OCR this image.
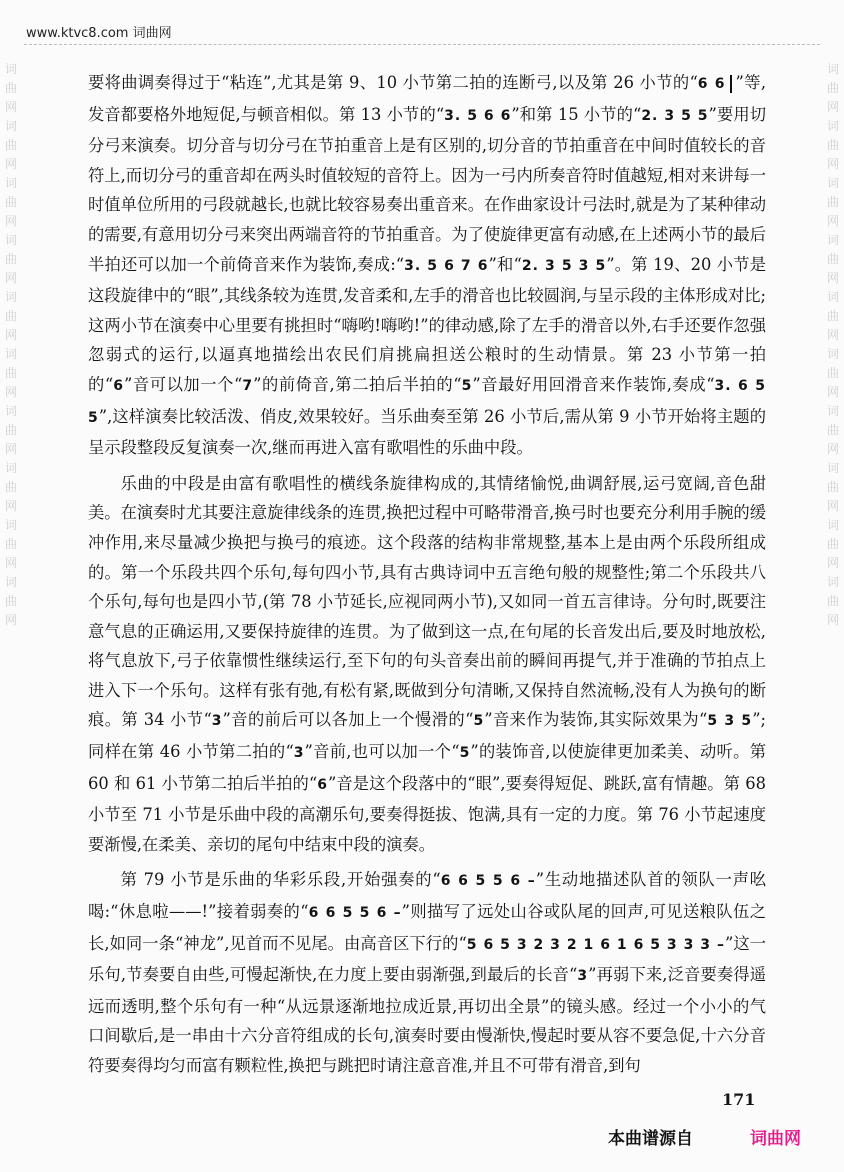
www.ktvc8.com 词曲网
词曲网词曲网词曲网词曲网词曲网词曲网词曲网词曲网词曲网词曲网
词曲网词曲网词曲网词曲网词曲网词曲网词曲网词曲网词曲网词曲网

要将曲调奏得过于“粘连”,尤其是第 9、10 小节第二拍的连断弓,以及第 26 小节的“6 6 ”等,发音都要格外地短促,与顿音相似。第 13 小节的“3. 5 6 6”和第 15 小节的“2. 3 5 5”要用切分弓来演奏。切分音与切分弓在节拍重音上是有区别的,切分音的节拍重音在中间时值较长的音符上,而切分弓的重音却在两头时值较短的音符上。因为一弓内所奏音符时值越短,相对来讲每一时值单位所用的弓段就越长,也就比较容易奏出重音来。在作曲家设计弓法时,就是为了某种律动的需要,有意用切分弓来突出两端音符的节拍重音。为了使旋律更富有动感,在上述两小节的最后半拍还可以加一个前倚音来作为装饰,奏成:“3. 5 6 7 6”和“2. 3 5 3 5”。第 19、20 小节是这段旋律中的“眼”,其线条较为连贯,发音柔和,左手的滑音也比较圆润,与呈示段的主体形成对比;这两小节在演奏中心里要有挑担时“嗨哟!嗨哟!”的律动感,除了左手的滑音以外,右手还要作忽强忽弱式的运行,以逼真地描绘出农民们肩挑扁担送公粮时的生动情景。第 23 小节第一拍的“6”音可以加一个“7”的前倚音,第二拍后半拍的“5”音最好用回滑音来作装饰,奏成“3. 6 5 5”,这样演奏比较活泼、俏皮,效果较好。当乐曲奏至第 26 小节后,需从第 9 小节开始将主题的呈示段整段反复演奏一次,继而再进入富有歌唱性的乐曲中段。

乐曲的中段是由富有歌唱性的横线条旋律构成的,其情绪愉悦,曲调舒展,运弓宽阔,音色甜美。在演奏时尤其要注意旋律线条的连贯,换把过程中可略带滑音,换弓时也要充分利用手腕的缓冲作用,来尽量减少换把与换弓的痕迹。这个段落的结构非常规整,基本上是由两个乐段所组成的。第一个乐段共四个乐句,每句四小节,具有古典诗词中五言绝句般的规整性;第二个乐段共八个乐句,每句也是四小节,(第 78 小节延长,应视同两小节),又如同一首五言律诗。分句时,既要注意气息的正确运用,又要保持旋律的连贯。为了做到这一点,在句尾的长音发出后,要及时地放松,将气息放下,弓子依靠惯性继续运行,至下句的句头音奏出前的瞬间再提气,并于准确的节拍点上进入下一个乐句。这样有张有弛,有松有紧,既做到分句清晰,又保持自然流畅,没有人为换句的断痕。第 34 小节“3”音的前后可以各加上一个慢滑的“5”音来作为装饰,其实际效果为“5 3 5”;同样在第 46 小节第二拍的“3”音前,也可以加一个“5”的装饰音,以使旋律更加柔美、动听。第 60 和 61 小节第二拍后半拍的“6”音是这个段落中的“眼”,要奏得短促、跳跃,富有情趣。第 68 小节至 71 小节是乐曲中段的高潮乐句,要奏得挺拔、饱满,具有一定的力度。第 76 小节起速度要渐慢,在柔美、亲切的尾句中结束中段的演奏。

第 79 小节是乐曲的华彩乐段,开始强奏的“6 6 5 5 6 –”生动地描述队首的领队一声吆喝:“休息啦——!”接着弱奏的“6 6 5 5 6 –”则描写了远处山谷或队尾的回声,可见送粮队伍之长,如同一条“神龙”,见首而不见尾。由高音区下行的“5 6 5 3 2 3 2 1 6 1 6 5 3 3 3 –”这一乐句,节奏要自由些,可慢起渐快,在力度上要由弱渐强,到最后的长音“3”再弱下来,泛音要奏得遥远而透明,整个乐句有一种“从远景逐渐地拉成近景,再切出全景”的镜头感。经过一个小小的气口间歇后,是一串由十六分音符组成的长句,演奏时要由慢渐快,慢起时要从容不要急促,十六分音符要奏得均匀而富有颗粒性,换把与跳把时请注意音准,并且不可带有滑音,到句

171
本曲谱源自	词曲网
